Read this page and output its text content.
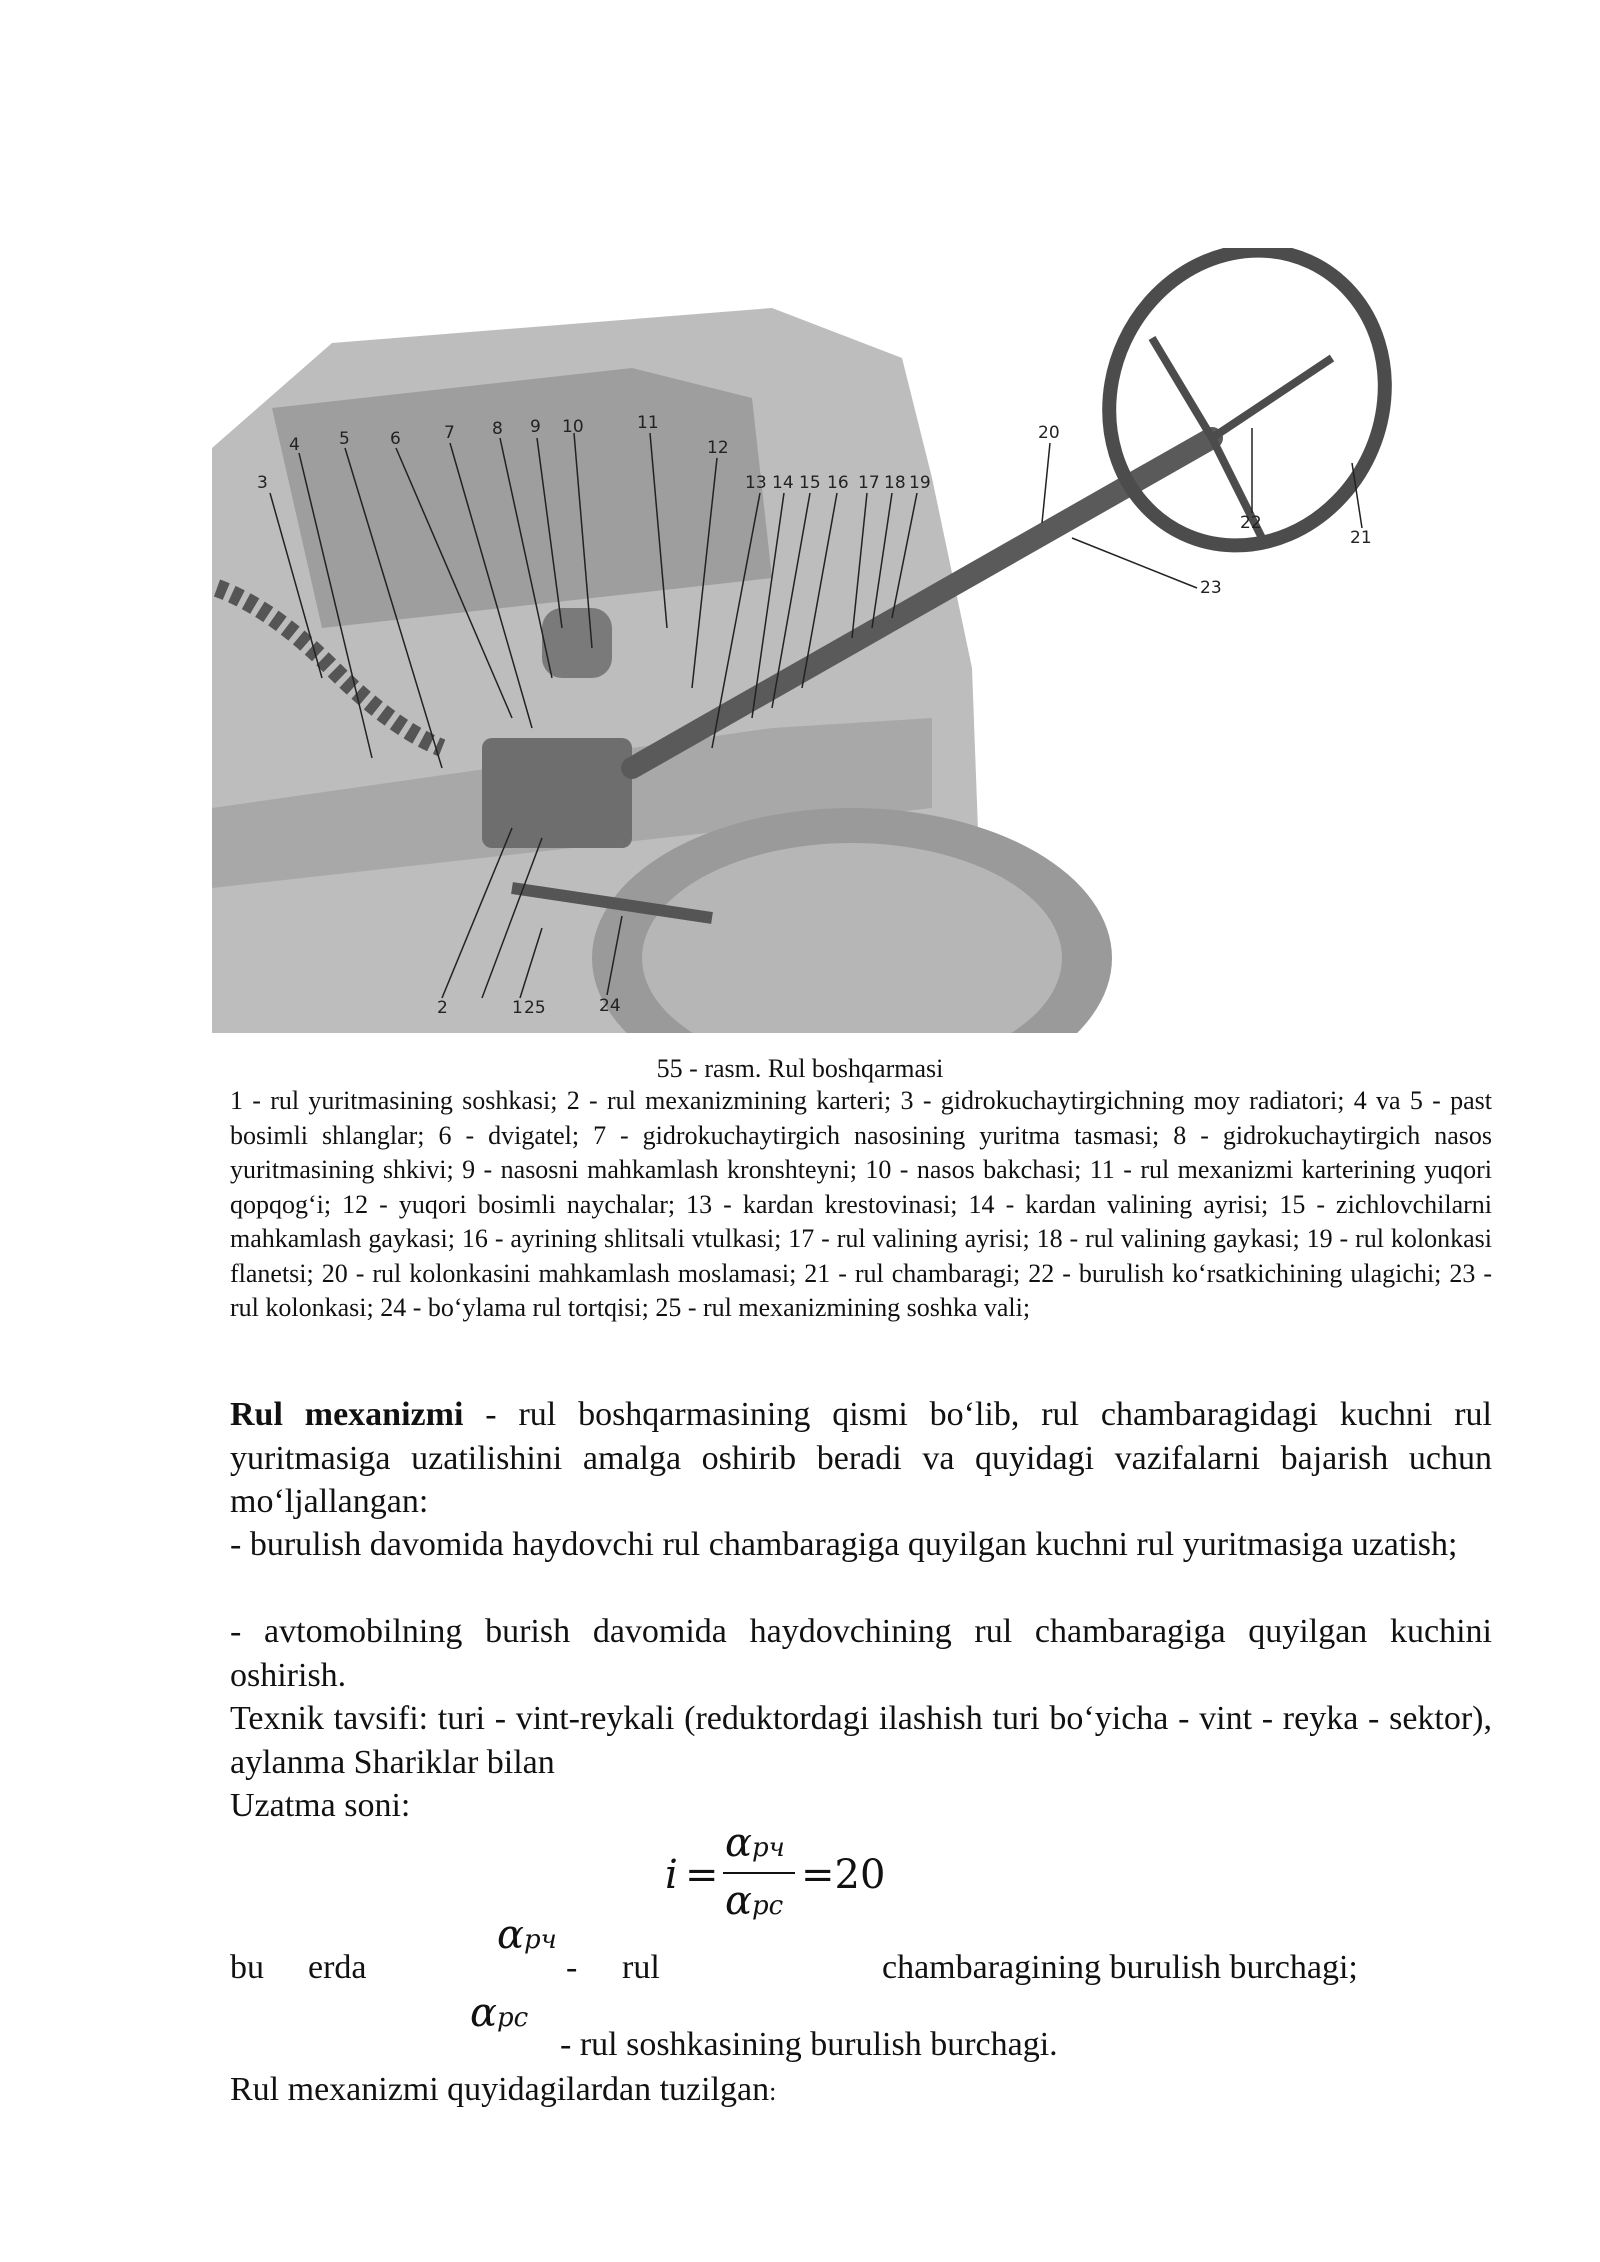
1
2
3
4 5 6	7 8 9 10	11
12
13 14 15 16 17 18 19
20
21
22
23
24
25
55 - rasm. Rul boshqarmasi
1 - rul yuritmasining soshkasi; 2 - rul mexanizmining karteri; 3 - gidrokuchaytirgichning moy radiatori; 4 va 5 - past bosimli shlanglar; 6 - dvigatel; 7 - gidrokuchaytirgich nasosining yuritma tasmasi; 8 - gidrokuchaytirgich nasos yuritmasining shkivi; 9 - nasosni mahkamlash kronshteyni; 10 - nasos bakchasi; 11 - rul mexanizmi karterining yuqori qopqog‘i; 12 - yuqori bosimli naychalar; 13 - kardan krestovinasi; 14 - kardan valining ayrisi; 15 - zichlovchilarni mahkamlash gaykasi; 16 - ayrining shlitsali vtulkasi; 17 - rul valining ayrisi; 18 - rul valining gaykasi; 19 - rul kolonkasi flanetsi; 20 - rul kolonkasini mahkamlash moslamasi; 21 - rul chambaragi; 22 - burulish ko‘rsatkichining ulagichi; 23 - rul kolonkasi; 24 - bo‘ylama rul tortqisi; 25 - rul mexanizmining soshka vali;
Rul mexanizmi - rul boshqarmasining qismi bo‘lib, rul chambaragidagi kuchni rul yuritmasiga uzatilishini amalga oshirib beradi va quyidagi vazifalarni bajarish uchun mo‘ljallangan:
- burulish davomida haydovchi rul chambaragiga quyilgan kuchni rul yuritmasiga uzatish;
- avtomobilning burish davomida haydovchining rul chambaragiga quyilgan kuchini oshirish.
Texnik tavsifi: turi - vint-reykali (reduktordagi ilashish turi bo‘yicha - vint - reyka - sektor), aylanma Shariklar bilan
Uzatma soni:
i =
αрч
αрс
=20
bu erda
αрч
- rul	chambaragining burulish burchagi;
αрс
- rul soshkasining burulish burchagi.
Rul mexanizmi quyidagilardan tuzilgan:
